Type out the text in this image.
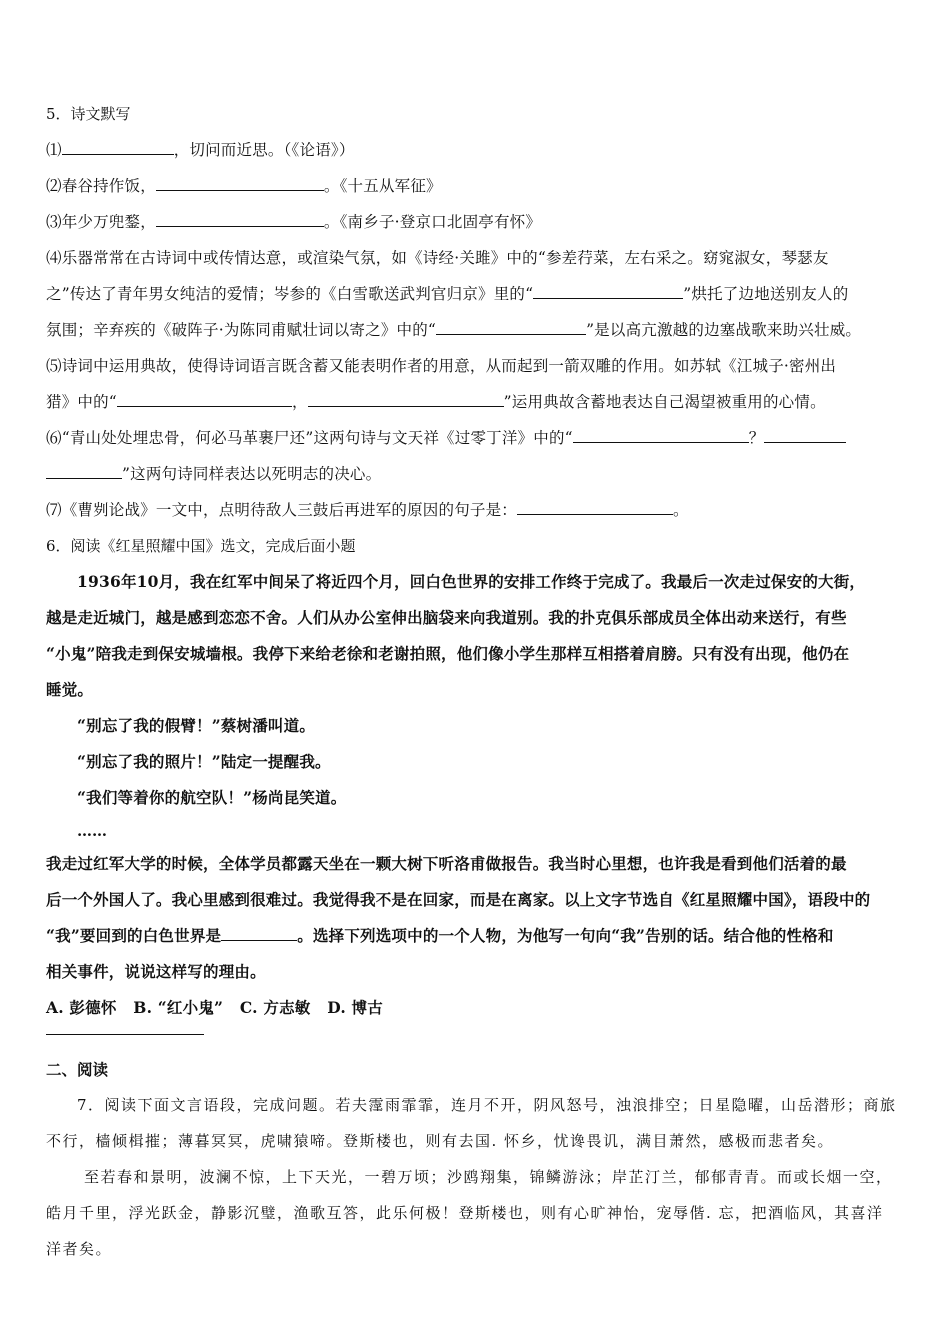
5．诗文默写
⑴	，切问而近思。（《论语》）
⑵春谷持作饭，	。《十五从军征》
⑶年少万兜鍪，	。《南乡子·登京口北固亭有怀》
⑷乐器常常在古诗词中或传情达意，或渲染气氛，如《诗经·关雎》中的“参差荇菜，左右采之。窈窕淑女，琴瑟友
之”传达了青年男女纯洁的爱情；岑参的《白雪歌送武判官归京》里的“	”烘托了边地送别友人的
氛围；辛弃疾的《破阵子·为陈同甫赋壮词以寄之》中的“	”是以高亢激越的边塞战歌来助兴壮威。
⑸诗词中运用典故，使得诗词语言既含蓄又能表明作者的用意，从而起到一箭双雕的作用。如苏轼《江城子·密州出
猎》中的“	，	”运用典故含蓄地表达自己渴望被重用的心情。
⑹“青山处处埋忠骨，何必马革裹尸还”这两句诗与文天祥《过零丁洋》中的“	？
”这两句诗同样表达以死明志的决心。
⑺《曹刿论战》一文中，点明待敌人三鼓后再进军的原因的句子是：	。
6．阅读《红星照耀中国》选文，完成后面小题
1936年10月，我在红军中间呆了将近四个月，回白色世界的安排工作终于完成了。我最后一次走过保安的大街，
越是走近城门，越是感到恋恋不舍。人们从办公室伸出脑袋来向我道别。我的扑克俱乐部成员全体出动来送行，有些
“小鬼”陪我走到保安城墙根。我停下来给老徐和老谢拍照，他们像小学生那样互相搭着肩膀。只有没有出现，他仍在
睡觉。
“别忘了我的假臂！”蔡树潘叫道。
“别忘了我的照片！”陆定一提醒我。
“我们等着你的航空队！”杨尚昆笑道。
……
我走过红军大学的时候，全体学员都露天坐在一颗大树下听洛甫做报告。我当时心里想，也许我是看到他们活着的最
后一个外国人了。我心里感到很难过。我觉得我不是在回家，而是在离家。以上文字节选自《红星照耀中国》，语段中的
“我”要回到的白色世界是	。选择下列选项中的一个人物，为他写一句向“我”告别的话。结合他的性格和
相关事件，说说这样写的理由。
A. 彭德怀   B. “红小鬼”   C. 方志敏   D. 博古
二、阅读
7．阅读下面文言语段，完成问题。若夫霪雨霏霏，连月不开，阴风怒号，浊浪排空；日星隐曜，山岳潜形；商旅
不行，樯倾楫摧；薄暮冥冥，虎啸猿啼。登斯楼也，则有去国. 怀乡，忧谗畏讥，满目萧然，感极而悲者矣。
至若春和景明，波澜不惊，上下天光，一碧万顷；沙鸥翔集，锦鳞游泳；岸芷汀兰，郁郁青青。而或长烟一空，
皓月千里，浮光跃金，静影沉璧，渔歌互答，此乐何极！登斯楼也，则有心旷神怡，宠辱偕. 忘，把酒临风，其喜洋
洋者矣。
